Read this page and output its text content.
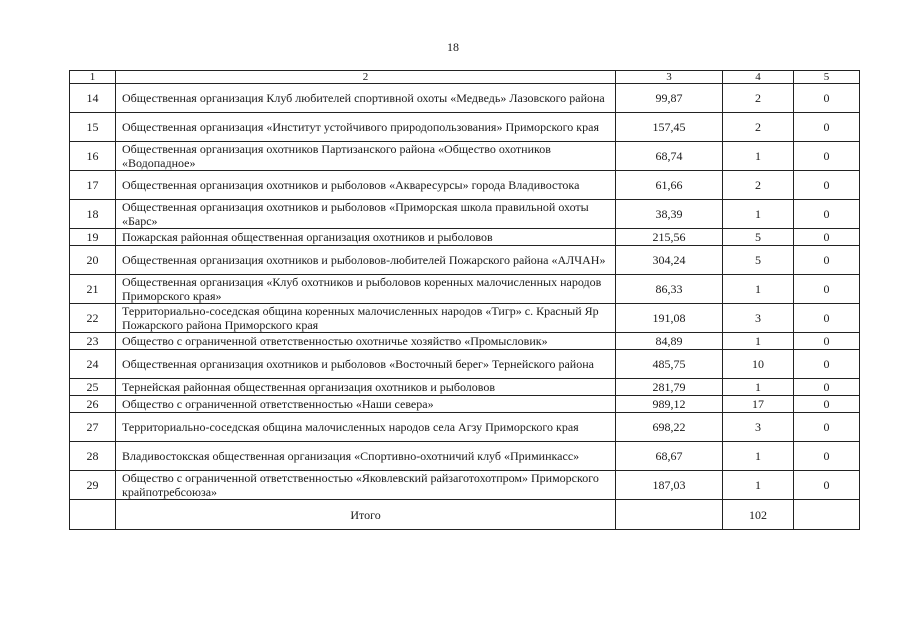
18
1	2	3	4	5
14	Общественная организация Клуб любителей спортивной охоты «Медведь» Лазовского района	99,87	2	0
15	Общественная организация «Институт устойчивого природопользования» Приморского края	157,45	2	0
16	Общественная организация охотников Партизанского района «Общество охотников «Водопадное»	68,74	1	0
17	Общественная организация охотников и рыболовов «Акваресурсы» города Владивостока	61,66	2	0
18	Общественная организация охотников и рыболовов «Приморская школа правильной охоты «Барс»	38,39	1	0
19	Пожарская районная общественная организация охотников и рыболовов	215,56	5	0
20	Общественная организация охотников и рыболовов-любителей Пожарского района «АЛЧАН»	304,24	5	0
21	Общественная организация «Клуб охотников и рыболовов коренных малочисленных народов Приморского края»	86,33	1	0
22	Территориально-соседская община коренных малочисленных народов «Тигр» с. Красный Яр Пожарского района Приморского края	191,08	3	0
23	Общество с ограниченной ответственностью охотничье хозяйство «Промысловик»	84,89	1	0
24	Общественная организация охотников и рыболовов «Восточный берег» Тернейского района	485,75	10	0
25	Тернейская районная общественная организация охотников и рыболовов	281,79	1	0
26	Общество с ограниченной ответственностью «Наши севера»	989,12	17	0
27	Территориально-соседская община малочисленных народов села Агзу Приморского края	698,22	3	0
28	Владивостокская общественная организация «Спортивно-охотничий клуб «Приминкасс»	68,67	1	0
29	Общество с ограниченной ответственностью «Яковлевский райзаготохотпром» Приморского крайпотребсоюза»	187,03	1	0
	Итого		102	
